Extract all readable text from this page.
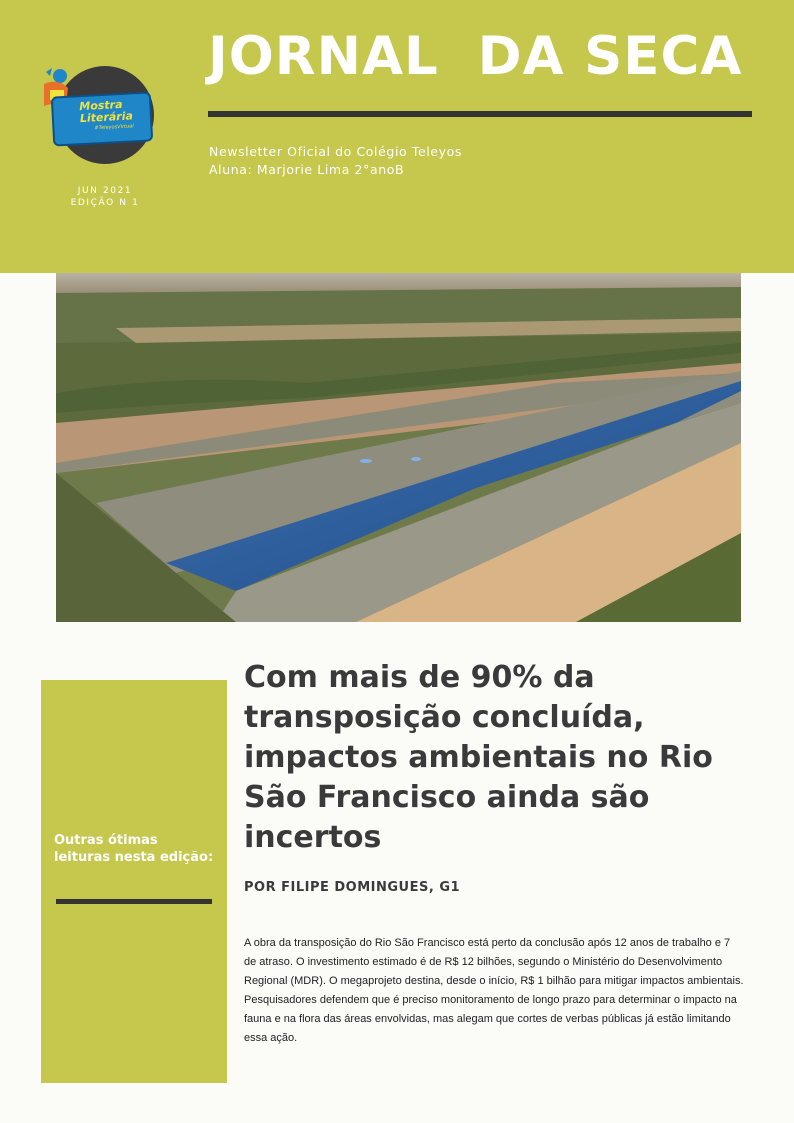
Mostra
Literária
#TeleyosVirtual
JUN 2021
EDIÇÃO N 1
JORNAL  DA SECA
Newsletter Oficial do Colégio Teleyos
Aluna: Marjorie Lima 2°anoB
Outras ótimas leituras nesta edição:
Com mais de 90% da transposição concluída, impactos ambientais no Rio São Francisco ainda são incertos
POR FILIPE DOMINGUES, G1

A obra da transposição do Rio São Francisco está perto da conclusão após 12 anos de trabalho e 7 de atraso. O investimento estimado é de R$ 12 bilhões, segundo o Ministério do Desenvolvimento Regional (MDR). O megaprojeto destina, desde o início, R$ 1 bilhão para mitigar impactos ambientais.

Pesquisadores defendem que é preciso monitoramento de longo prazo para determinar o impacto na fauna e na flora das áreas envolvidas, mas alegam que cortes de verbas públicas já estão limitando essa ação.
